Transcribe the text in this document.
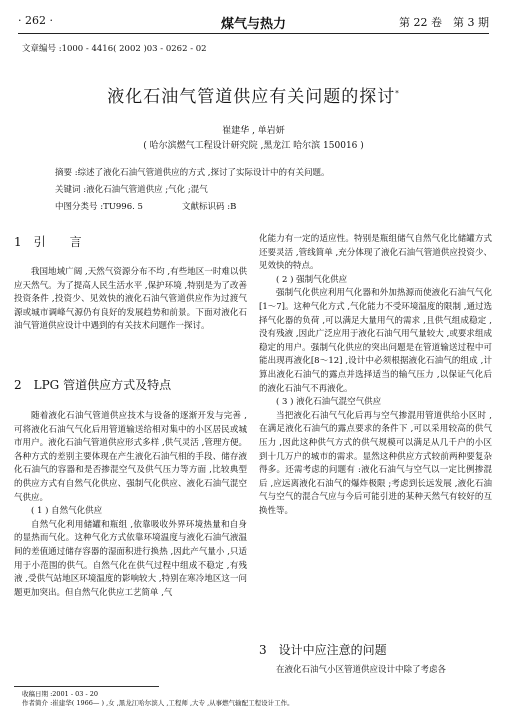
· 262 ·	煤气与热力	第 22 卷　第 3 期
文章编号 :1000 - 4416( 2002 )03 - 0262 - 02
液化石油气管道供应有关问题的探讨*
崔建华 , 单岩妍
( 哈尔滨燃气工程设计研究院 ,黑龙江 哈尔滨 150016 )
摘要 :综述了液化石油气管道供应的方式 ,探讨了实际设计中的有关问题。
关键词 :液化石油气管道供应 ;气化 ;混气
中图分类号 :TU996. 5	文献标识码 :B
1　引　　言

我国地域广阔 ,天然气资源分布不均 ,有些地区一时难以供应天然气。为了提高人民生活水平 ,保护环境 ,特别是为了改善投资条件 ,投资少、见效快的液化石油气管道供应作为过渡气源或城市调峰气源仍有良好的发展趋势和前景。下面对液化石油气管道供应设计中遇到的有关技术问题作一探讨。

2　LPG 管道供应方式及特点

随着液化石油气管道供应技术与设备的逐渐开发与完善 ,可将液化石油气气化后用管道输送给相对集中的小区居民或城市用户。液化石油气管道供应形式多样 ,供气灵活 ,管理方便。各种方式的差别主要体现在产生液化石油气相的手段、储存液化石油气的容器和是否掺混空气及供气压力等方面 ,比较典型的供应方式有自然气化供应、强制气化供应、液化石油气混空气供应。

( 1 ) 自然气化供应

自然气化利用储罐和瓶组 ,依靠吸收外界环境热量和自身的显热而气化。这种气化方式依靠环境温度与液化石油气液温间的差值通过储存容器的湿面积进行换热 ,因此产气量小 ,只适用于小范围的供气。自然气化在供气过程中组成不稳定 ,有残液 ,受供气站地区环境温度的影响较大 ,特别在寒冷地区这一问题更加突出。但自然气化供应工艺简单 ,气

化能力有一定的适应性。特别是瓶组储气自然气化比储罐方式还要灵活 ,管线简单 ,充分体现了液化石油气管道供应投资少、见效快的特点。

( 2 ) 强制气化供应

强制气化供应利用气化器和外加热源而使液化石油气气化[1～7]。这种气化方式 ,气化能力不受环境温度的限制 ,通过选择气化器的负荷 ,可以满足大量用气的需求 ,且供气组成稳定 ,没有残液 ,因此广泛应用于液化石油气用气量较大 ,或要求组成稳定的用户。强制气化供应的突出问题是在管道输送过程中可能出现再液化[8～12] ,设计中必须根据液化石油气的组成 ,计算出液化石油气的露点并选择适当的输气压力 ,以保证气化后的液化石油气不再液化。

( 3 ) 液化石油气混空气供应

当把液化石油气气化后再与空气掺混用管道供给小区时 ,在满足液化石油气的露点要求的条件下 ,可以采用较高的供气压力 ,因此这种供气方式的供气规模可以满足从几千户的小区到十几万户的城市的需求。显然这种供应方式较前两种要复杂得多。还需考虑的问题有 :液化石油气与空气以一定比例掺混后 ,应远离液化石油气的爆炸极限 ;考虑到长远发展 ,液化石油气与空气的混合气应与今后可能引进的某种天然气有较好的互换性等。

3　设计中应注意的问题

在液化石油气小区管道供应设计中除了考虑各

收稿日期 :2001 - 03 - 20
作者简介 :崔建华( 1966— ) ,女 ,黑龙江哈尔滨人 ,工程师 ,大专 ,从事燃气输配工程设计工作。
